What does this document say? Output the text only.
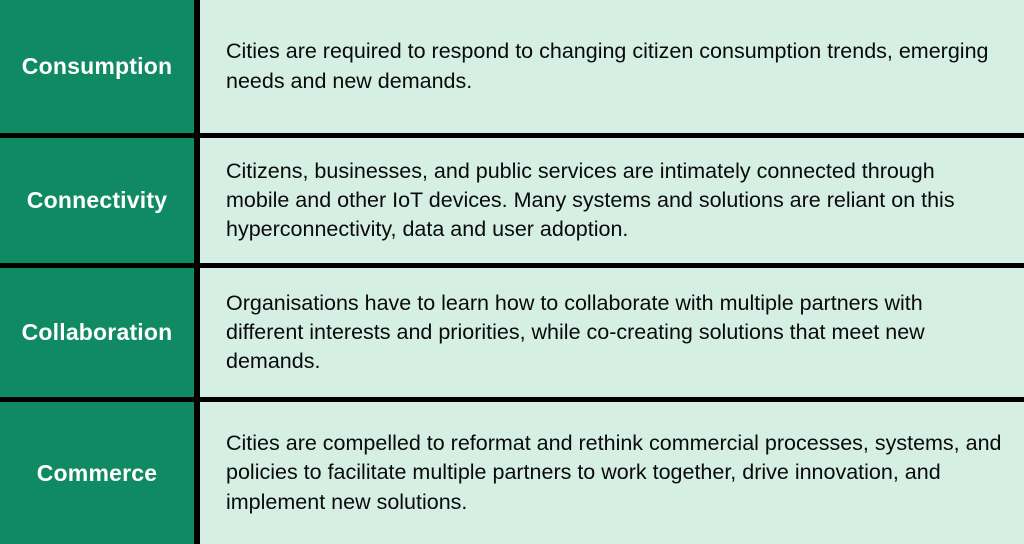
Consumption

Cities are required to respond to changing citizen consumption trends, emerging needs and new demands.

Connectivity

Citizens, businesses, and public services are intimately connected through mobile and other IoT devices. Many systems and solutions are reliant on this hyperconnectivity, data and user adoption.

Collaboration

Organisations have to learn how to collaborate with multiple partners with different interests and priorities, while co-creating solutions that meet new demands.

Commerce

Cities are compelled to reformat and rethink commercial processes, systems, and policies to facilitate multiple partners to work together, drive innovation, and implement new solutions.
